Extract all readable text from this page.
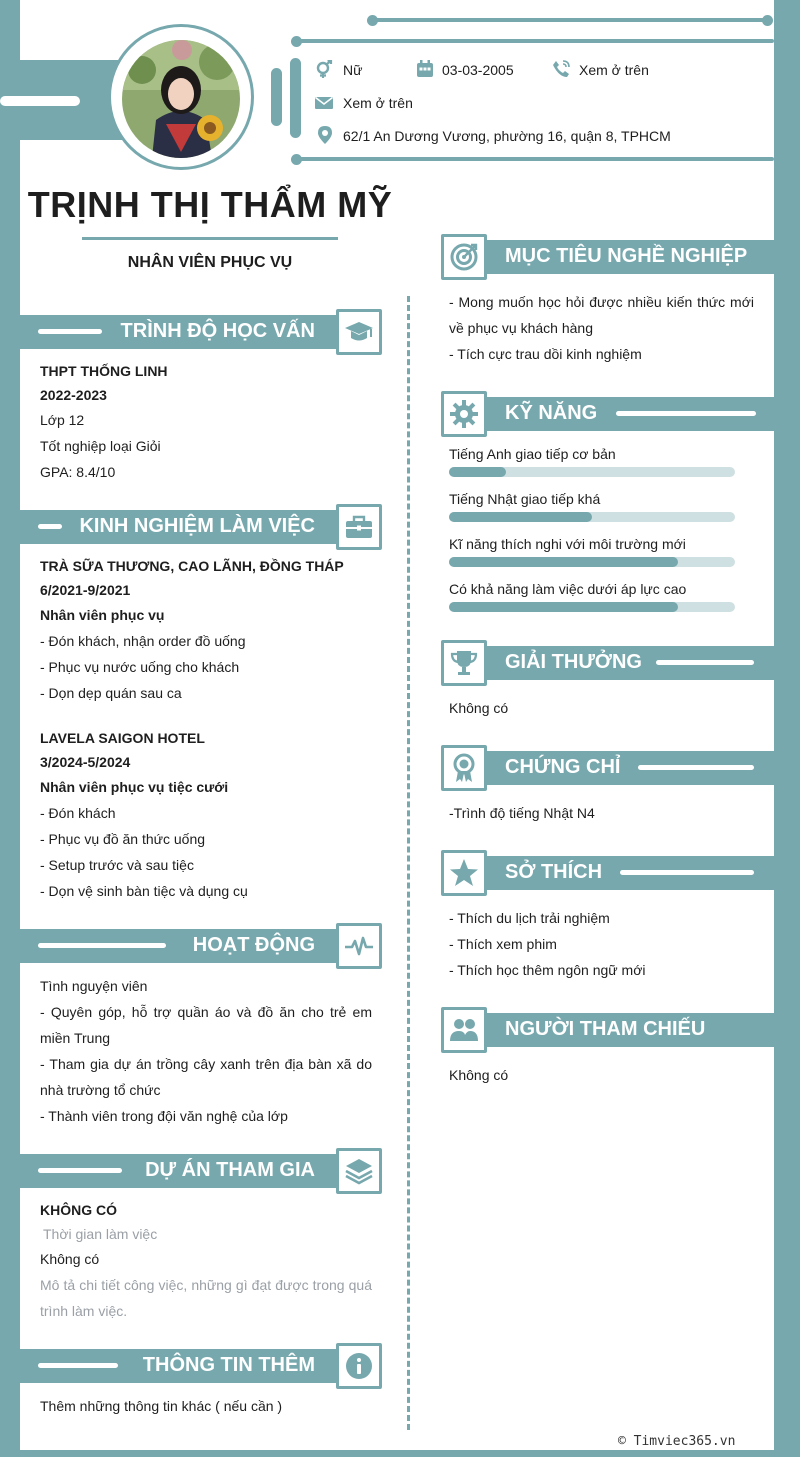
Nữ	03-03-2005	Xem ở trên
Xem ở trên
62/1 An Dương Vương, phường 16, quận 8, TPHCM
TRỊNH THỊ THẨM MỸ
NHÂN VIÊN PHỤC VỤ
TRÌNH ĐỘ HỌC VẤN
THPT THỐNG LINH
2022-2023
Lớp 12
Tốt nghiệp loại Giỏi
GPA: 8.4/10
KINH NGHIỆM LÀM VIỆC
TRÀ SỮA THƯƠNG, CAO LÃNH, ĐỒNG THÁP
6/2021-9/2021
Nhân viên phục vụ
- Đón khách, nhận order đồ uống
- Phục vụ nước uống cho khách
- Dọn dẹp quán sau ca
LAVELA SAIGON HOTEL
3/2024-5/2024
Nhân viên phục vụ tiệc cưới
- Đón khách
- Phục vụ đồ ăn thức uống
- Setup trước và sau tiệc
- Dọn vệ sinh bàn tiệc và dụng cụ
HOẠT ĐỘNG
Tình nguyện viên
- Quyên góp, hỗ trợ quần áo và đồ ăn cho trẻ em miền Trung
- Tham gia dự án trồng cây xanh trên địa bàn xã do nhà trường tổ chức
- Thành viên trong đội văn nghệ của lớp
DỰ ÁN THAM GIA
KHÔNG CÓ
Thời gian làm việc
Không có
Mô tả chi tiết công việc, những gì đạt được trong quá trình làm việc.
THÔNG TIN THÊM
Thêm những thông tin khác ( nếu cần )
MỤC TIÊU NGHỀ NGHIỆP
- Mong muốn học hỏi được nhiều kiến thức mới về phục vụ khách hàng
- Tích cực trau dồi kinh nghiệm
KỸ NĂNG
Tiếng Anh giao tiếp cơ bản
Tiếng Nhật giao tiếp khá
Kĩ năng thích nghi với môi trường mới
Có khả năng làm việc dưới áp lực cao
GIẢI THƯỞNG
Không có
CHỨNG CHỈ
-Trình độ tiếng Nhật N4
SỞ THÍCH
- Thích du lịch trải nghiệm
- Thích xem phim
- Thích học thêm ngôn ngữ mới
NGƯỜI THAM CHIẾU
Không có
© Timviec365.vn
